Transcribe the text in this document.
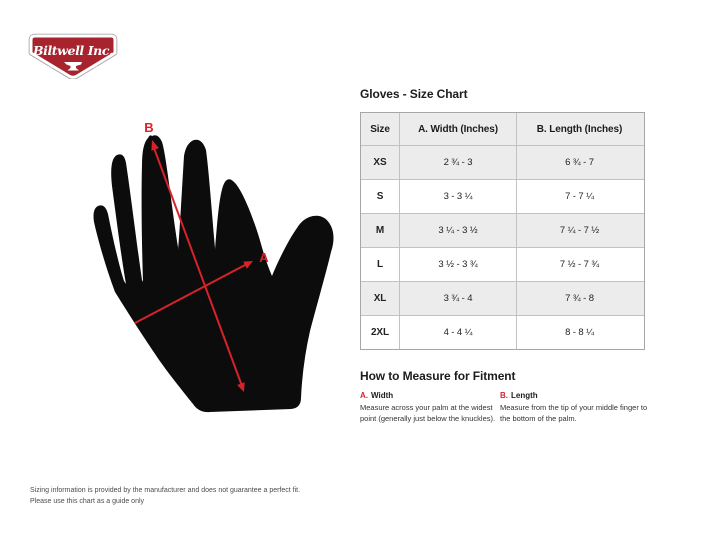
Biltwell Inc.
QUALITY	COUNTS
B
A
Gloves - Size Chart
Size	A. Width (Inches)	B. Length (Inches)
XS	2 ¾ - 3	6 ¾ - 7
S	3 - 3 ¼	7 - 7 ¼
M	3 ¼ - 3 ½	7 ¼ - 7 ½
L	3 ½ - 3 ¾	7 ½ - 7 ¾
XL	3 ¾ - 4	7 ¾ - 8
2XL	4 - 4 ¼	8 - 8 ¼
How to Measure for Fitment
A. Width
Measure across your palm at the widest point (generally just below the knuckles).
B. Length
Measure from the tip of your middle finger to the bottom of the palm.
Sizing information is provided by the manufacturer and does not guarantee a perfect fit.
Please use this chart as a guide only
